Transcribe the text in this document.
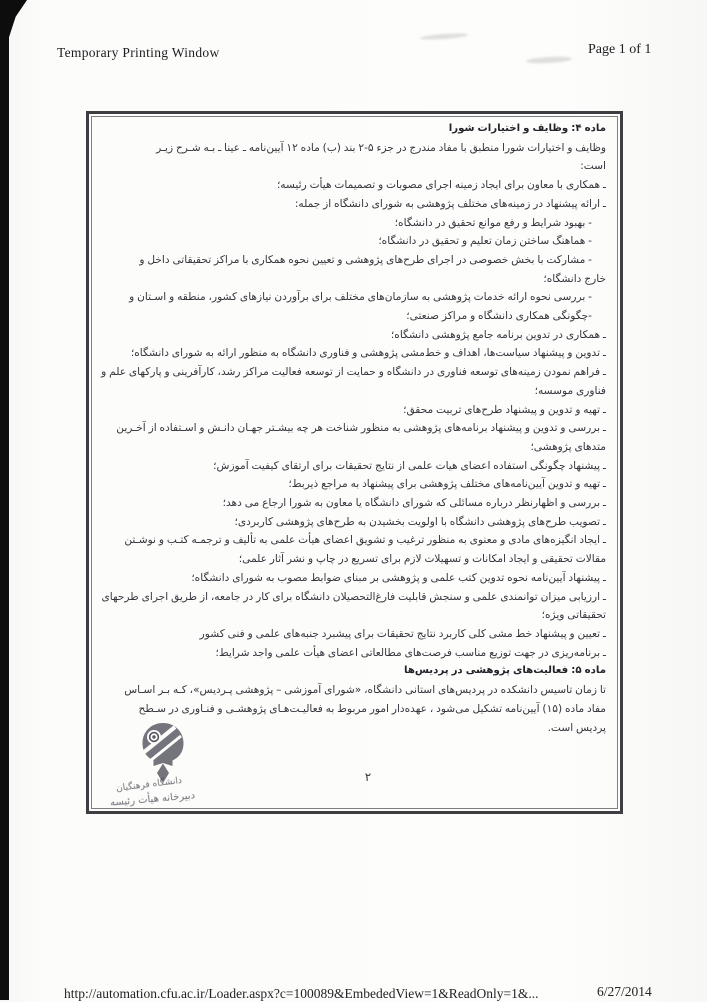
Temporary Printing Window	Page 1 of 1
ماده ۴: وظایف و اختیارات شورا
وظایف و اختیارات شورا منطبق با مفاد مندرج در جزء ۵-۲ بند (ب) ماده ۱۲ آیین‌نامه ـ عینا ـ بـه شـرح زیـر
است:
ـ همکاری با معاون برای ایجاد زمینه اجرای مصوبات و تصمیمات هیأت رئیسه؛
ـ ارائه پیشنهاد در زمینه‌های مختلف پژوهشی به شورای دانشگاه از جمله:
- بهبود شرایط و رفع موانع تحقیق در دانشگاه؛
- هماهنگ ساختن زمان تعلیم و تحقیق در دانشگاه؛
- مشارکت با بخش خصوصی در اجرای طرح‌های پژوهشی و تعیین نحوه همکاری با مراکز تحقیقاتی داخل و
خارج دانشگاه؛
- بررسی نحوه ارائه خدمات پژوهشی به سازمان‌های مختلف برای برآوردن نیازهای کشور، منطقه و اسـتان و
-چگونگی همکاری دانشگاه و مراکز صنعتی؛
ـ همکاری در تدوین برنامه جامع پژوهشی دانشگاه؛
ـ تدوین و پیشنهاد سیاست‌ها، اهداف و خط‌مشی پژوهشی و فناوری دانشگاه به منظور ارائه به شورای دانشگاه؛
ـ فراهم نمودن زمینه‌های توسعه فناوری در دانشگاه و حمایت از توسعه فعالیت مراکز رشد، کارآفرینی و پارکهای علم و
فناوری موسسه؛
ـ تهیه و تدوین و پیشنهاد طرح‌های تربیت محقق؛
ـ بررسی و تدوین و پیشنهاد برنامه‌های پژوهشی به منظور شناخت هر چه بیشـتر جهـان دانـش و اسـتفاده از آخـرین
متدهای پژوهشی؛
ـ پیشنهاد چگونگی استفاده اعضای هیات علمی از نتایج تحقیقات برای ارتقای کیفیت آموزش؛
ـ تهیه و تدوین آیین‌نامه‌های مختلف پژوهشی برای پیشنهاد به مراجع ذیربط؛
ـ بررسی و اظهارنظر درباره مسائلی که شورای دانشگاه یا معاون به شورا ارجاع می دهد؛
ـ تصویب طرح‌های پژوهشی دانشگاه با اولویت بخشیدن به طرح‌های پژوهشی کاربردی؛
ـ ایجاد انگیزه‌های مادی و معنوی به منظور ترغیب و تشویق اعضای هیأت علمی به تألیف و ترجمـه کتـب و نوشـتن
مقالات تحقیقی و ایجاد امکانات و تسهیلات لازم برای تسریع در چاپ و نشر آثار علمی؛
ـ پیشنهاد آیین‌نامه نحوه تدوین کتب علمی و پژوهشی بر مبنای ضوابط مصوب به شورای دانشگاه؛
ـ ارزیابی میزان توانمندی علمی و سنجش قابلیت فارغ‌التحصیلان دانشگاه برای کار در جامعه، از طریق اجرای طرحهای
تحقیقاتی ویژه؛
ـ تعیین و پیشنهاد خط مشی کلی کاربرد نتایج تحقیقات برای پیشبرد جنبه‌های علمی و فنی کشور
ـ برنامه‌ریزی در جهت توزیع مناسب فرصت‌های مطالعاتی اعضای هیأت علمی واجد شرایط؛
ماده ۵: فعالیت‌های پژوهشی در پردیس‌ها
تا زمان تاسیس دانشکده در پردیس‌های استانی دانشگاه، «شورای آموزشی – پژوهشی پـردیس»، کـه بـر اسـاس
مفاد ماده (۱۵) آیین‌نامه تشکیل می‌شود ، عهده‌دار امور مربوط به فعالیـت‌هـای پژوهشـی و فنـاوری در سـطح
پردیس است.
۲
دانشگاه فرهنگیان
دبیرخانه هیأت رئیسه
http://automation.cfu.ac.ir/Loader.aspx?c=100089&EmbededView=1&ReadOnly=1&...	6/27/2014
